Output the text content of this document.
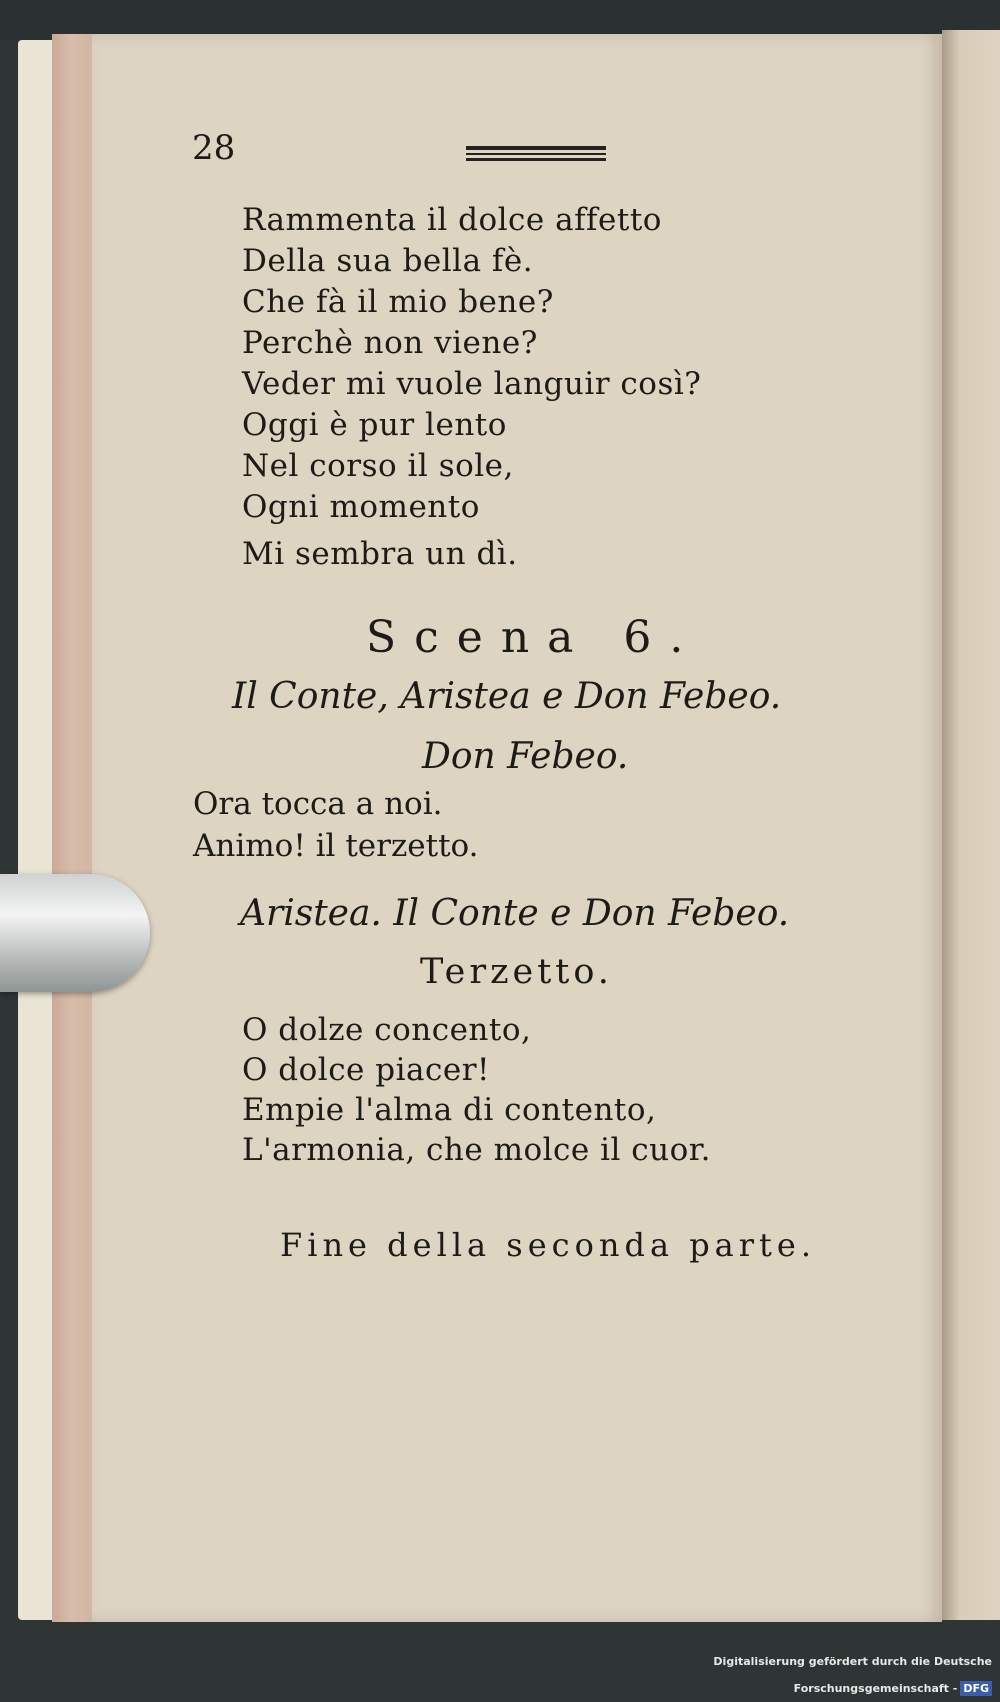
28
Rammenta il dolce affetto
Della sua bella fè.
Che fà il mio bene?
Perchè non viene?
Veder mi vuole languir così?
Oggi è pur lento
Nel corso il sole,
Ogni momento
Mi sembra un dì.
Scena 6.
Il Conte, Aristea e Don Febeo.
Don Febeo.
Ora tocca a noi.
Animo! il terzetto.
Aristea. Il Conte e Don Febeo.
Terzetto.
O dolze concento,
O dolce piacer!
Empie l'alma di contento,
L'armonia, che molce il cuor.
Fine della seconda parte.
Digitalisierung gefördert durch die Deutsche Forschungsgemeinschaft - DFG
